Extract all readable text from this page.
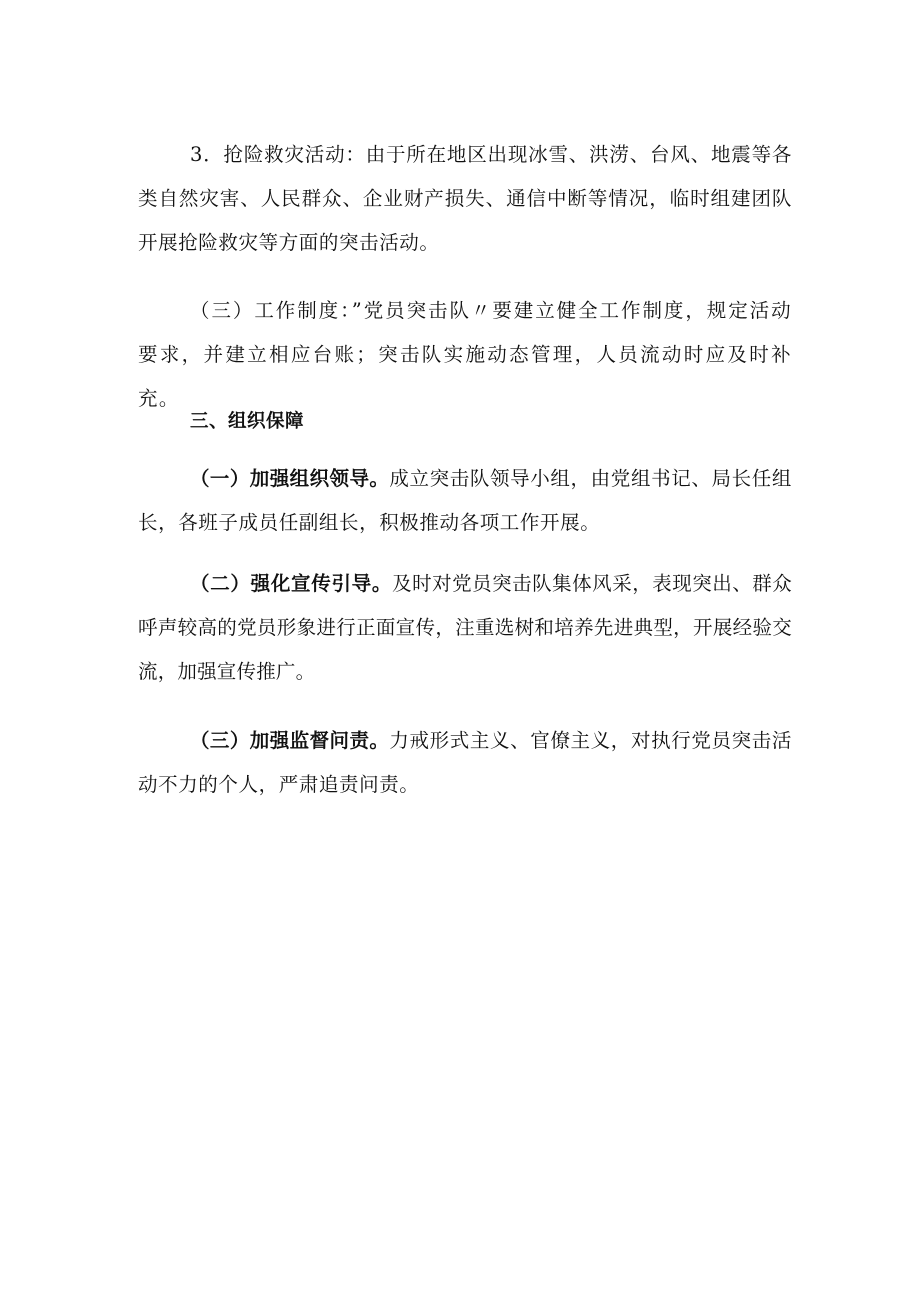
3．抢险救灾活动：由于所在地区出现冰雪、洪涝、台风、地震等各类自然灾害、人民群众、企业财产损失、通信中断等情况，临时组建团队开展抢险救灾等方面的突击活动。

（三）工作制度：”党员突击队〃要建立健全工作制度，规定活动要求，并建立相应台账；突击队实施动态管理，人员流动时应及时补充。

三、组织保障

（一）加强组织领导。成立突击队领导小组，由党组书记、局长任组长，各班子成员任副组长，积极推动各项工作开展。

（二）强化宣传引导。及时对党员突击队集体风采，表现突出、群众呼声较高的党员形象进行正面宣传，注重选树和培养先进典型，开展经验交流，加强宣传推广。

（三）加强监督问责。力戒形式主义、官僚主义，对执行党员突击活动不力的个人，严肃追责问责。
